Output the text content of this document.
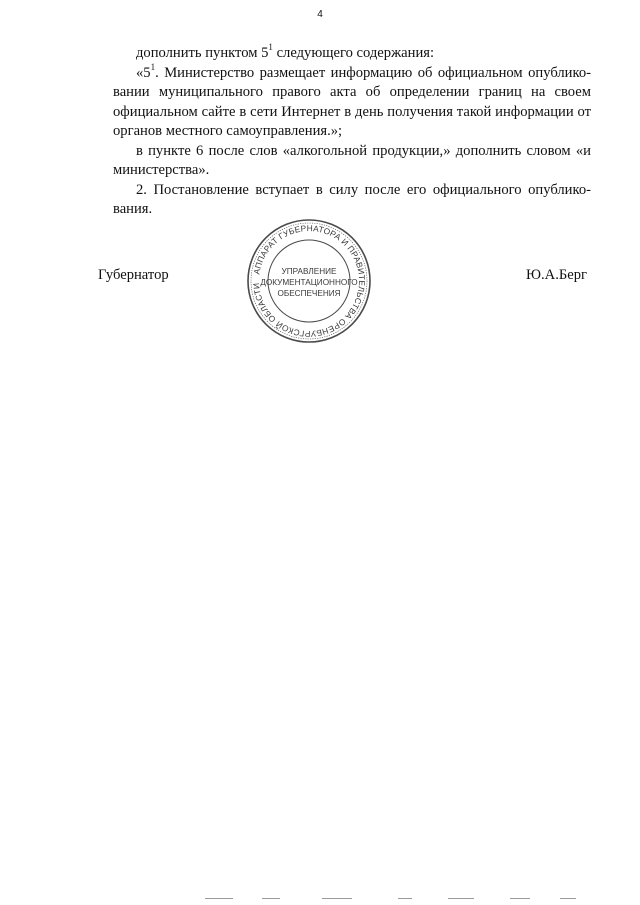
4

дополнить пунктом $5^1$ следующего содержания:

«$5^1$. Министерство размещает информацию об официальном опублико-вании муниципального правого акта об определении границ на своем официальном сайте в сети Интернет в день получения такой информации от органов местного самоуправления.»;

в пункте 6 после слов «алкогольной продукции,» дополнить словом «и министерства».

2. Постановление вступает в силу после его официального опублико-вания.

Губернатор	АППАРАТ ГУБЕРНАТОРА И ПРАВИТЕЛЬСТВА ОРЕНБУРГСКОЙ ОБЛАСТИ
УПРАВЛЕНИЕ
ДОКУМЕНТАЦИОННОГО
ОБЕСПЕЧЕНИЯ
Ю.А.Берг
